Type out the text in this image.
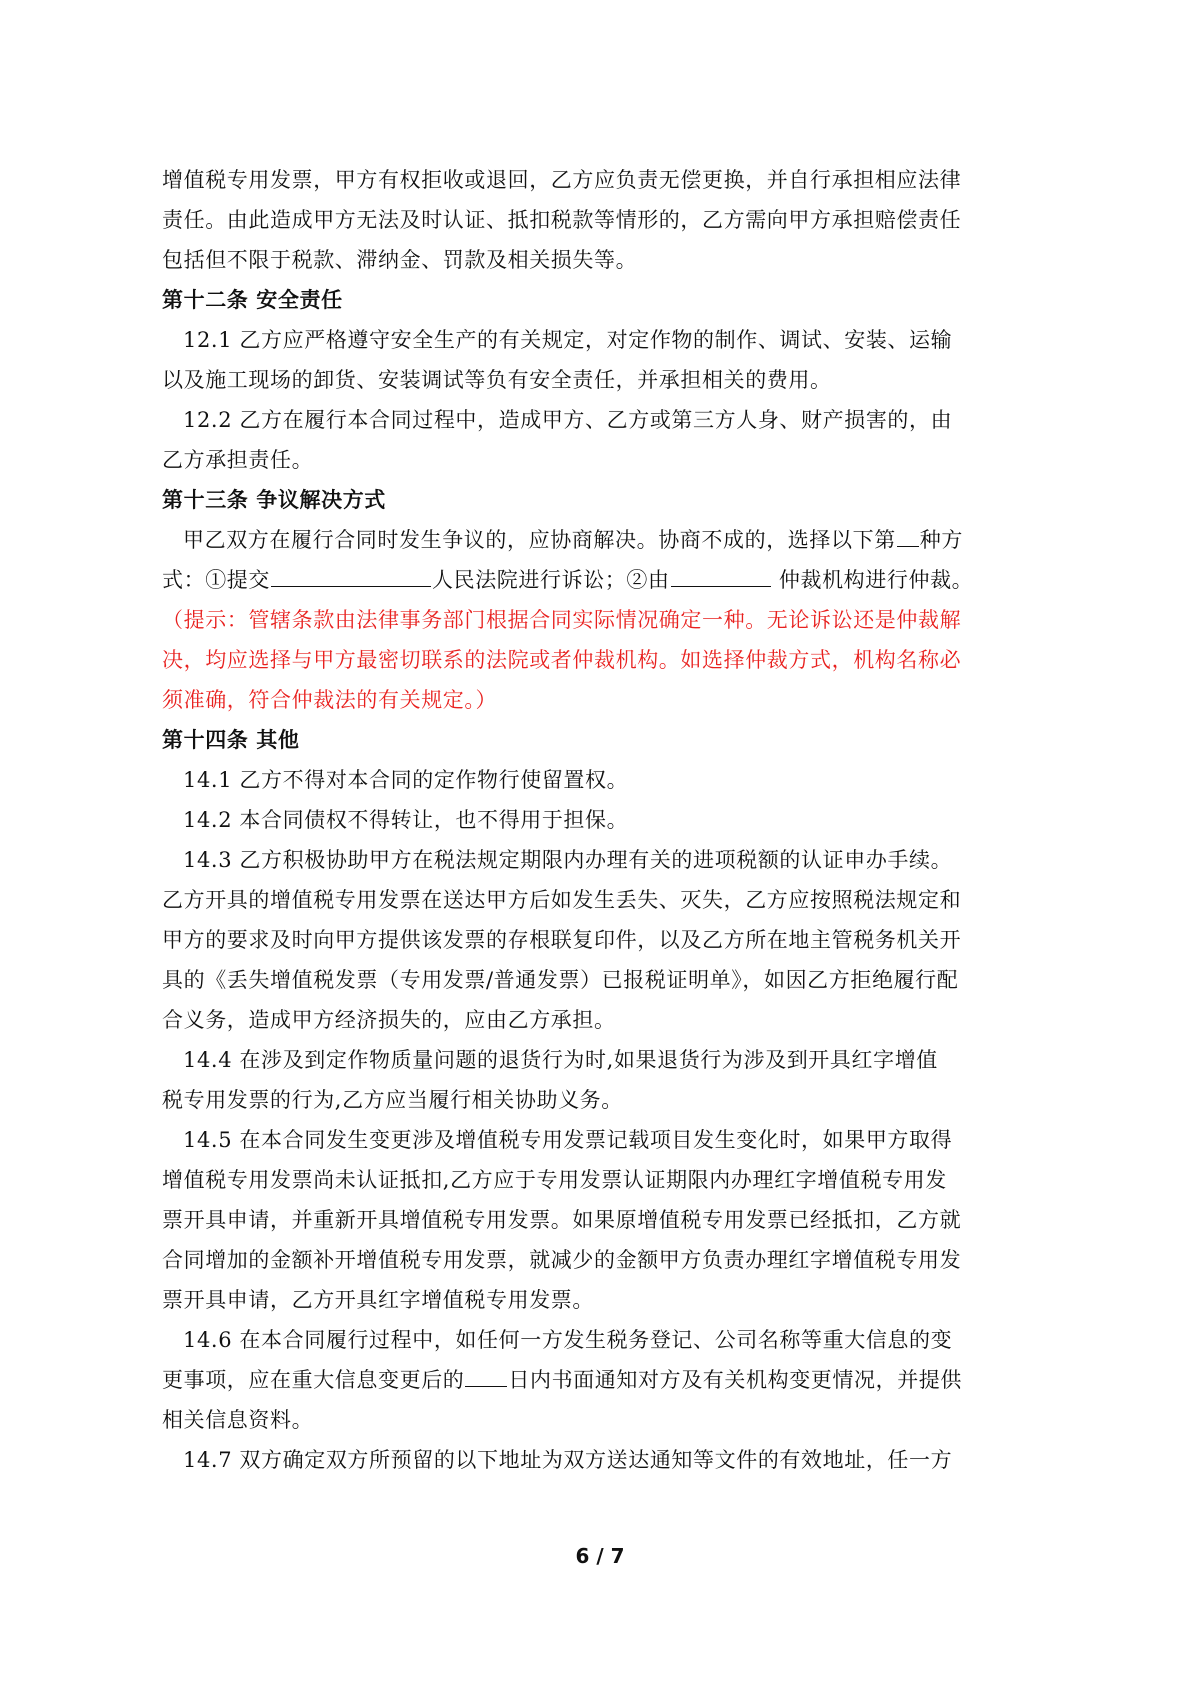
增值税专用发票，甲方有权拒收或退回，乙方应负责无偿更换，并自行承担相应法律
责任。由此造成甲方无法及时认证、抵扣税款等情形的，乙方需向甲方承担赔偿责任
包括但不限于税款、滞纳金、罚款及相关损失等。
第十二条 安全责任
12.1 乙方应严格遵守安全生产的有关规定，对定作物的制作、调试、安装、运输
以及施工现场的卸货、安装调试等负有安全责任，并承担相关的费用。
12.2 乙方在履行本合同过程中，造成甲方、乙方或第三方人身、财产损害的，由
乙方承担责任。
第十三条 争议解决方式
甲乙双方在履行合同时发生争议的，应协商解决。协商不成的，选择以下第 种方
式：①提交	人民法院进行诉讼；②由	仲裁机构进行仲裁。
（提示：管辖条款由法律事务部门根据合同实际情况确定一种。无论诉讼还是仲裁解
决，均应选择与甲方最密切联系的法院或者仲裁机构。如选择仲裁方式，机构名称必
须准确，符合仲裁法的有关规定。）
第十四条 其他
14.1 乙方不得对本合同的定作物行使留置权。
14.2 本合同债权不得转让，也不得用于担保。
14.3 乙方积极协助甲方在税法规定期限内办理有关的进项税额的认证申办手续。
乙方开具的增值税专用发票在送达甲方后如发生丢失、灭失，乙方应按照税法规定和
甲方的要求及时向甲方提供该发票的存根联复印件，以及乙方所在地主管税务机关开
具的《丢失增值税发票（专用发票/普通发票）已报税证明单》，如因乙方拒绝履行配
合义务，造成甲方经济损失的，应由乙方承担。
14.4 在涉及到定作物质量问题的退货行为时,如果退货行为涉及到开具红字增值
税专用发票的行为,乙方应当履行相关协助义务。
14.5 在本合同发生变更涉及增值税专用发票记载项目发生变化时，如果甲方取得
增值税专用发票尚未认证抵扣,乙方应于专用发票认证期限内办理红字增值税专用发
票开具申请，并重新开具增值税专用发票。如果原增值税专用发票已经抵扣，乙方就
合同增加的金额补开增值税专用发票，就减少的金额甲方负责办理红字增值税专用发
票开具申请，乙方开具红字增值税专用发票。
14.6 在本合同履行过程中，如任何一方发生税务登记、公司名称等重大信息的变
更事项，应在重大信息变更后的 日内书面通知对方及有关机构变更情况，并提供
相关信息资料。
14.7 双方确定双方所预留的以下地址为双方送达通知等文件的有效地址，任一方
6 / 7
